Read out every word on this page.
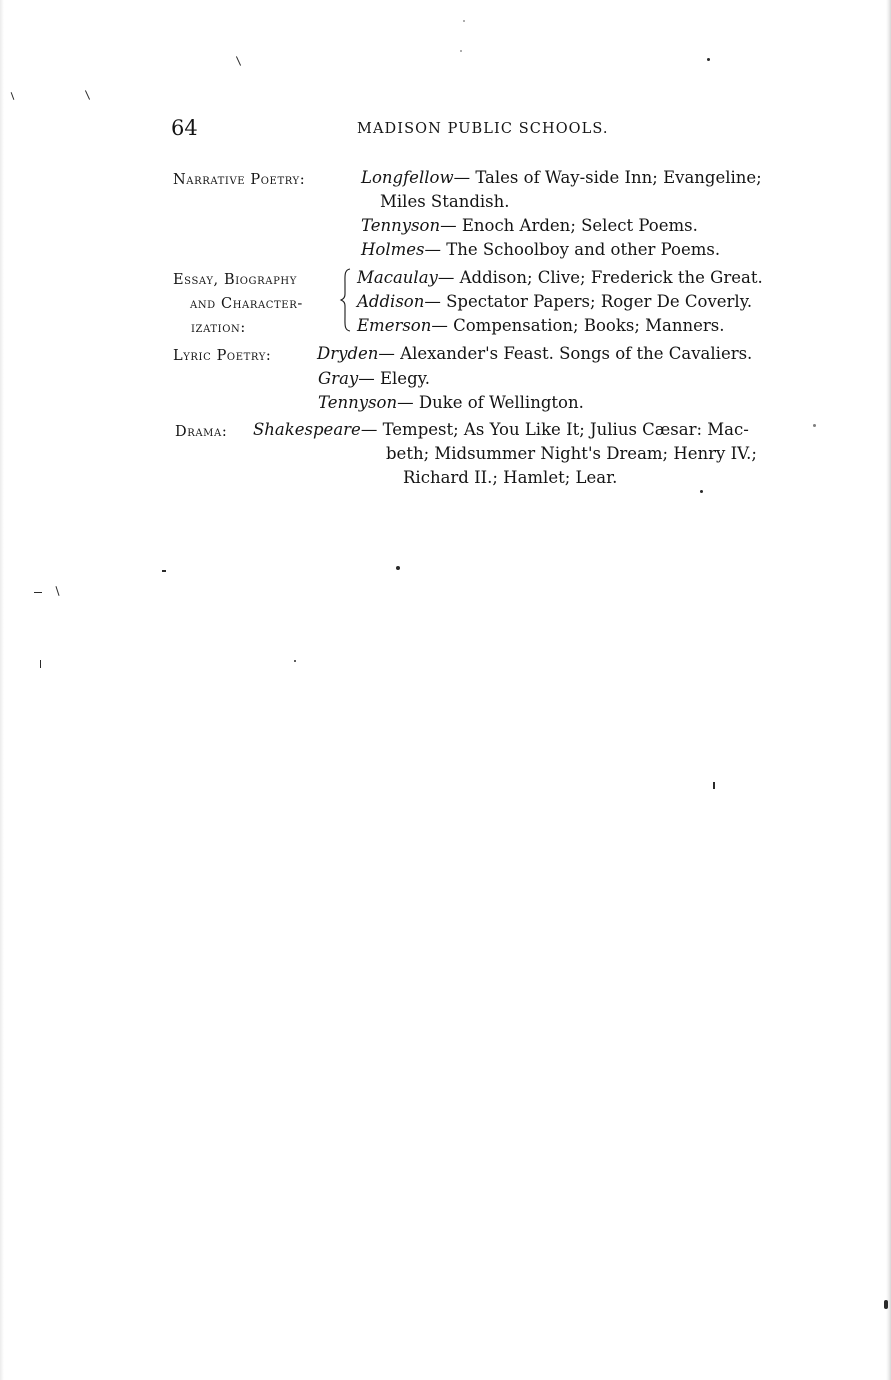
64	MADISON PUBLIC SCHOOLS.
Narrative Poetry:	Longfellow— Tales of Way-side Inn; Evangeline;
Miles Standish.
Tennyson— Enoch Arden; Select Poems.
Holmes— The Schoolboy and other Poems.
Essay, Biography
and Character-
ization:
Macaulay— Addison; Clive; Frederick the Great.
Addison— Spectator Papers; Roger De Coverly.
Emerson— Compensation; Books; Manners.
Lyric Poetry:	Dryden— Alexander's Feast. Songs of the Cavaliers.
Gray— Elegy.
Tennyson— Duke of Wellington.
Drama: Shakespeare— Tempest; As You Like It; Julius Cæsar: Mac-
beth; Midsummer Night's Dream; Henry IV.;
Richard II.; Hamlet; Lear.
